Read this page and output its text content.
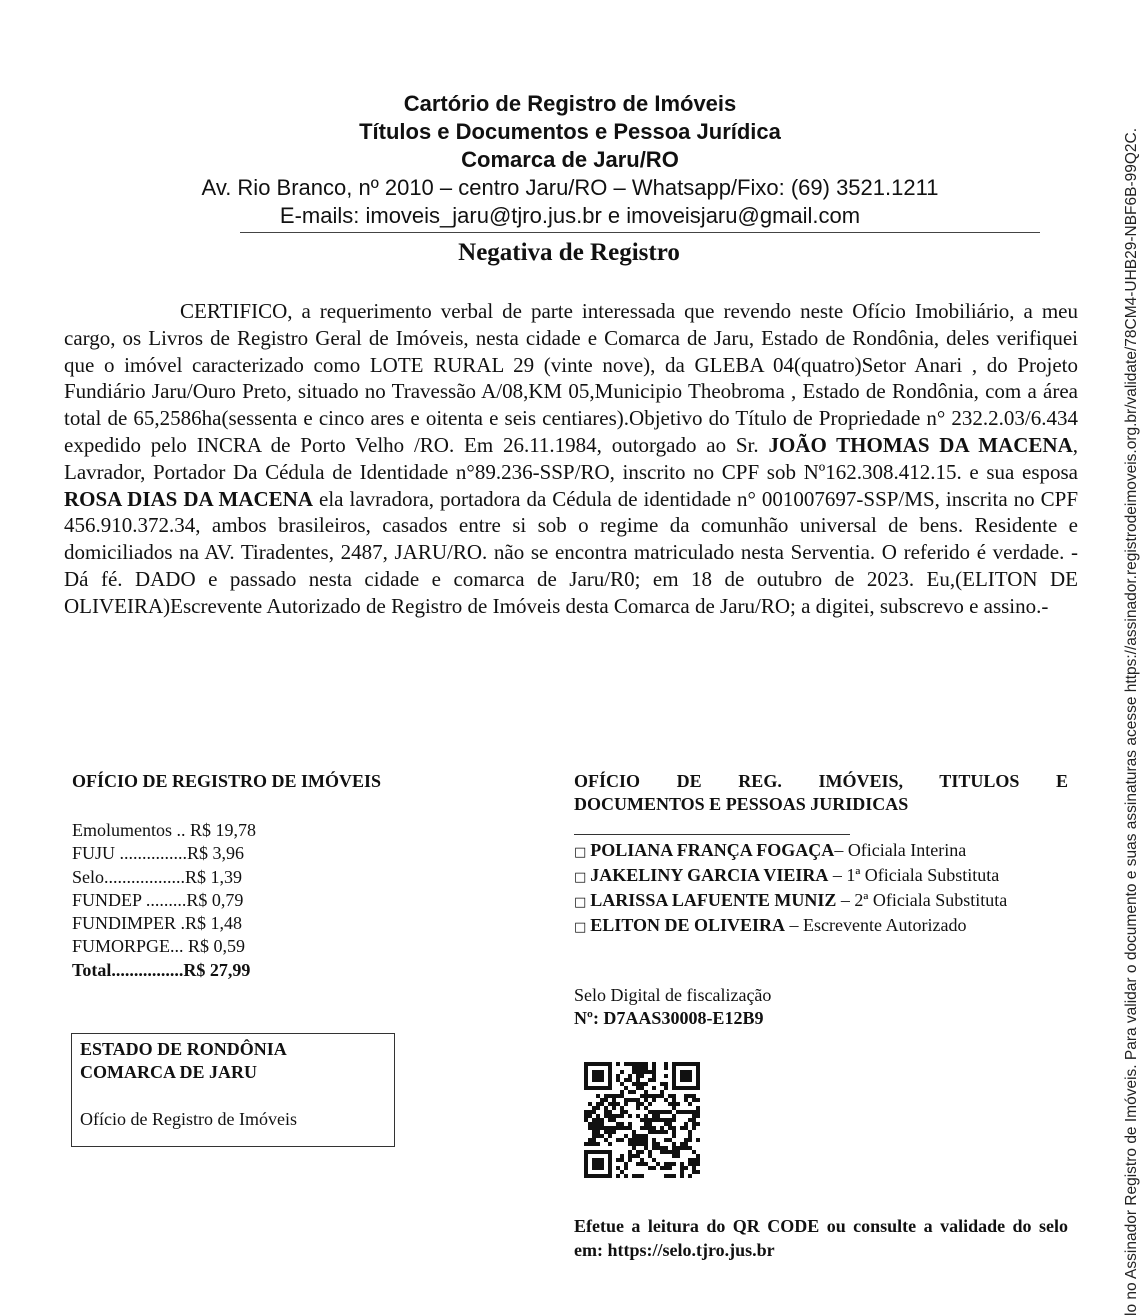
Cartório de Registro de Imóveis
Títulos e Documentos e Pessoa Jurídica
Comarca de Jaru/RO
Av. Rio Branco, nº 2010 – centro Jaru/RO – Whatsapp/Fixo: (69) 3521.1211
E-mails: imoveis_jaru@tjro.jus.br e imoveisjaru@gmail.com
Negativa de Registro

CERTIFICO, a requerimento verbal de parte interessada que revendo neste Ofício Imobiliário, a meu cargo, os Livros de Registro Geral de Imóveis, nesta cidade e Comarca de Jaru, Estado de Rondônia, deles verifiquei que o imóvel caracterizado como LOTE RURAL 29 (vinte nove), da GLEBA 04(quatro)Setor Anari , do Projeto Fundiário Jaru/Ouro Preto, situado no Travessão A/08,KM 05,Municipio Theobroma , Estado de Rondônia, com a área total de 65,2586ha(sessenta e cinco ares e oitenta e seis centiares).Objetivo do Título de Propriedade n° 232.2.03/6.434 expedido pelo INCRA de Porto Velho /RO. Em 26.11.1984, outorgado ao Sr. JOÃO THOMAS DA MACENA, Lavrador, Portador Da Cédula de Identidade n°89.236-SSP/RO, inscrito no CPF sob Nº162.308.412.15. e sua esposa ROSA DIAS DA MACENA ela lavradora, portadora da Cédula de identidade n° 001007697-SSP/MS, inscrita no CPF 456.910.372.34, ambos brasileiros, casados entre si sob o regime da comunhão universal de bens. Residente e domiciliados na AV. Tiradentes, 2487, JARU/RO. não se encontra matriculado nesta Serventia. O referido é verdade. - Dá fé. DADO e passado nesta cidade e comarca de Jaru/R0; em 18 de outubro de 2023. Eu,(ELITON DE OLIVEIRA)Escrevente Autorizado de Registro de Imóveis desta Comarca de Jaru/RO; a digitei, subscrevo e assino.-

OFÍCIO DE REGISTRO DE IMÓVEIS
Emolumentos .. R$ 19,78
FUJU ...............R$ 3,96
Selo..................R$ 1,39
FUNDEP .........R$ 0,79
FUNDIMPER .R$ 1,48
FUMORPGE... R$ 0,59
Total................R$ 27,99
ESTADO DE RONDÔNIA
COMARCA DE JARU
Ofício de Registro de Imóveis
OFÍCIO DE REG. IMÓVEIS, TITULOS E
DOCUMENTOS E PESSOAS JURIDICAS
□ POLIANA FRANÇA FOGAÇA– Oficiala Interina
□ JAKELINY GARCIA VIEIRA – 1ª Oficiala Substituta
□ LARISSA LAFUENTE MUNIZ – 2ª Oficiala Substituta
□ ELITON DE OLIVEIRA – Escrevente Autorizado
Selo Digital de fiscalização
Nº: D7AAS30008-E12B9
Efetue a leitura do QR CODE ou consulte a validade do selo em: https://selo.tjro.jus.br	lo no Assinador Registro de Imóveis. Para validar o documento e suas assinaturas acesse https://assinador.registrodeimoveis.org.br/validate/78CM4-UHB29-NBF6B-99Q2C.
